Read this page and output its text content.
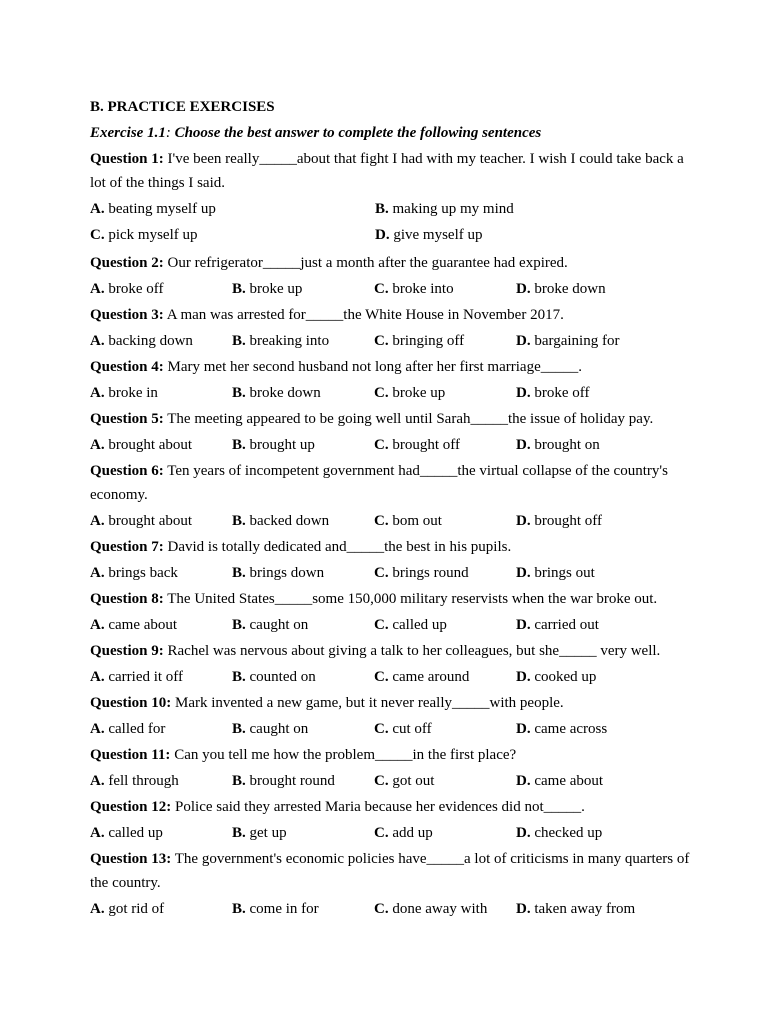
B. PRACTICE EXERCISES
Exercise 1.1: Choose the best answer to complete the following sentences
Question 1: I've been really_____about that fight I had with my teacher. I wish I could take back a lot of the things I said.
A. beating myself up	B. making up my mind
C. pick myself up	D. give myself up
Question 2: Our refrigerator_____just a month after the guarantee had expired.
A. broke off	B. broke up	C. broke into	D. broke down
Question 3: A man was arrested for_____the White House in November 2017.
A. backing down	B. breaking into	C. bringing off	D. bargaining for
Question 4: Mary met her second husband not long after her first marriage_____.
A. broke in	B. broke down	C. broke up	D. broke off
Question 5: The meeting appeared to be going well until Sarah_____the issue of holiday pay.
A. brought about	B. brought up	C. brought off	D. brought on
Question 6: Ten years of incompetent government had_____the virtual collapse of the country's economy.
A. brought about	B. backed down	C. bom out	D. brought off
Question 7: David is totally dedicated and_____the best in his pupils.
A. brings back	B. brings down	C. brings round	D. brings out
Question 8: The United States_____some 150,000 military reservists when the war broke out.
A. came about	B. caught on	C. called up	D. carried out
Question 9: Rachel was nervous about giving a talk to her colleagues, but she_____ very well.
A. carried it off	B. counted on	C. came around	D. cooked up
Question 10: Mark invented a new game, but it never really_____with people.
A. called for	B. caught on	C. cut off	D. came across
Question 11: Can you tell me how the problem_____in the first place?
A. fell through	B. brought round	C. got out	D. came about
Question 12: Police said they arrested Maria because her evidences did not_____.
A. called up	B. get up	C. add up	D. checked up
Question 13: The government's economic policies have_____a lot of criticisms in many quarters of the country.
A. got rid of	B. come in for	C. done away with	D. taken away from
